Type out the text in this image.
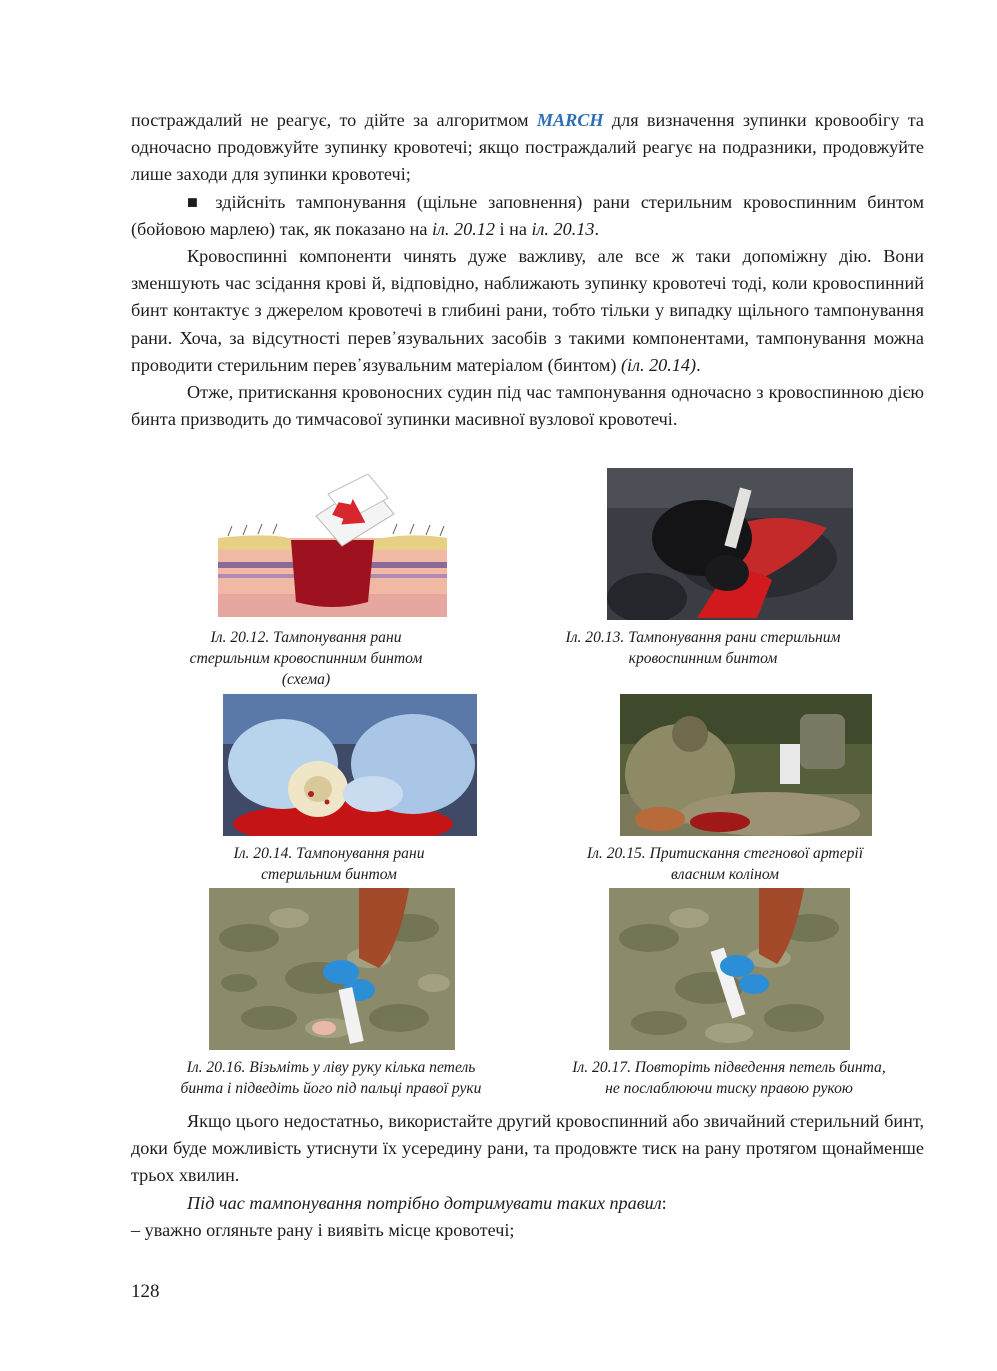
постраждалий не реагує, то дійте за алгоритмом MARCH для визначення зупинки кровообігу та одночасно продовжуйте зупинку кровотечі; якщо постраждалий реагує на подразники, продовжуйте лише заходи для зупинки кровотечі;

■ здійсніть тампонування (щільне заповнення) рани стерильним кровоспинним бинтом (бойовою марлею) так, як показано на іл. 20.12 і на іл. 20.13.

Кровоспинні компоненти чинять дуже важливу, але все ж таки допоміжну дію. Вони зменшують час зсідання крові й, відповідно, наближають зупинку кровотечі тоді, коли кровоспинний бинт контактує з джерелом кровотечі в глибині рани, тобто тільки у випадку щільного тампонування рани. Хоча, за відсутності перев᾿язувальних засобів з такими компонентами, тампонування можна проводити стерильним перев᾿язувальним матеріалом (бинтом) (іл. 20.14).

Отже, притискання кровоносних судин під час тампонування одночасно з кровоспинною дією бинта призводить до тимчасової зупинки масивної вузлової кровотечі.

Іл. 20.12. Тампонування рани
стерильним кровоспинним бинтом
(схема)
Іл. 20.13. Тампонування рани стерильним
кровоспинним бинтом
Іл. 20.14. Тампонування рани
стерильним бинтом
Іл. 20.15. Притискання стегнової артерії
власним коліном
Іл. 20.16. Візьміть у ліву руку кілька петель
бинта і підведіть його під пальці правої руки
Іл. 20.17. Повторіть підведення петель бинта,
не послаблюючи тиску правою рукою

Якщо цього недостатньо, використайте другий кровоспинний або звичайний стерильний бинт, доки буде можливість утиснути їх усередину рани, та продовжте тиск на рану протягом щонайменше трьох хвилин.

Під час тампонування потрібно дотримувати таких правил:

– уважно огляньте рану і виявіть місце кровотечі;

128
